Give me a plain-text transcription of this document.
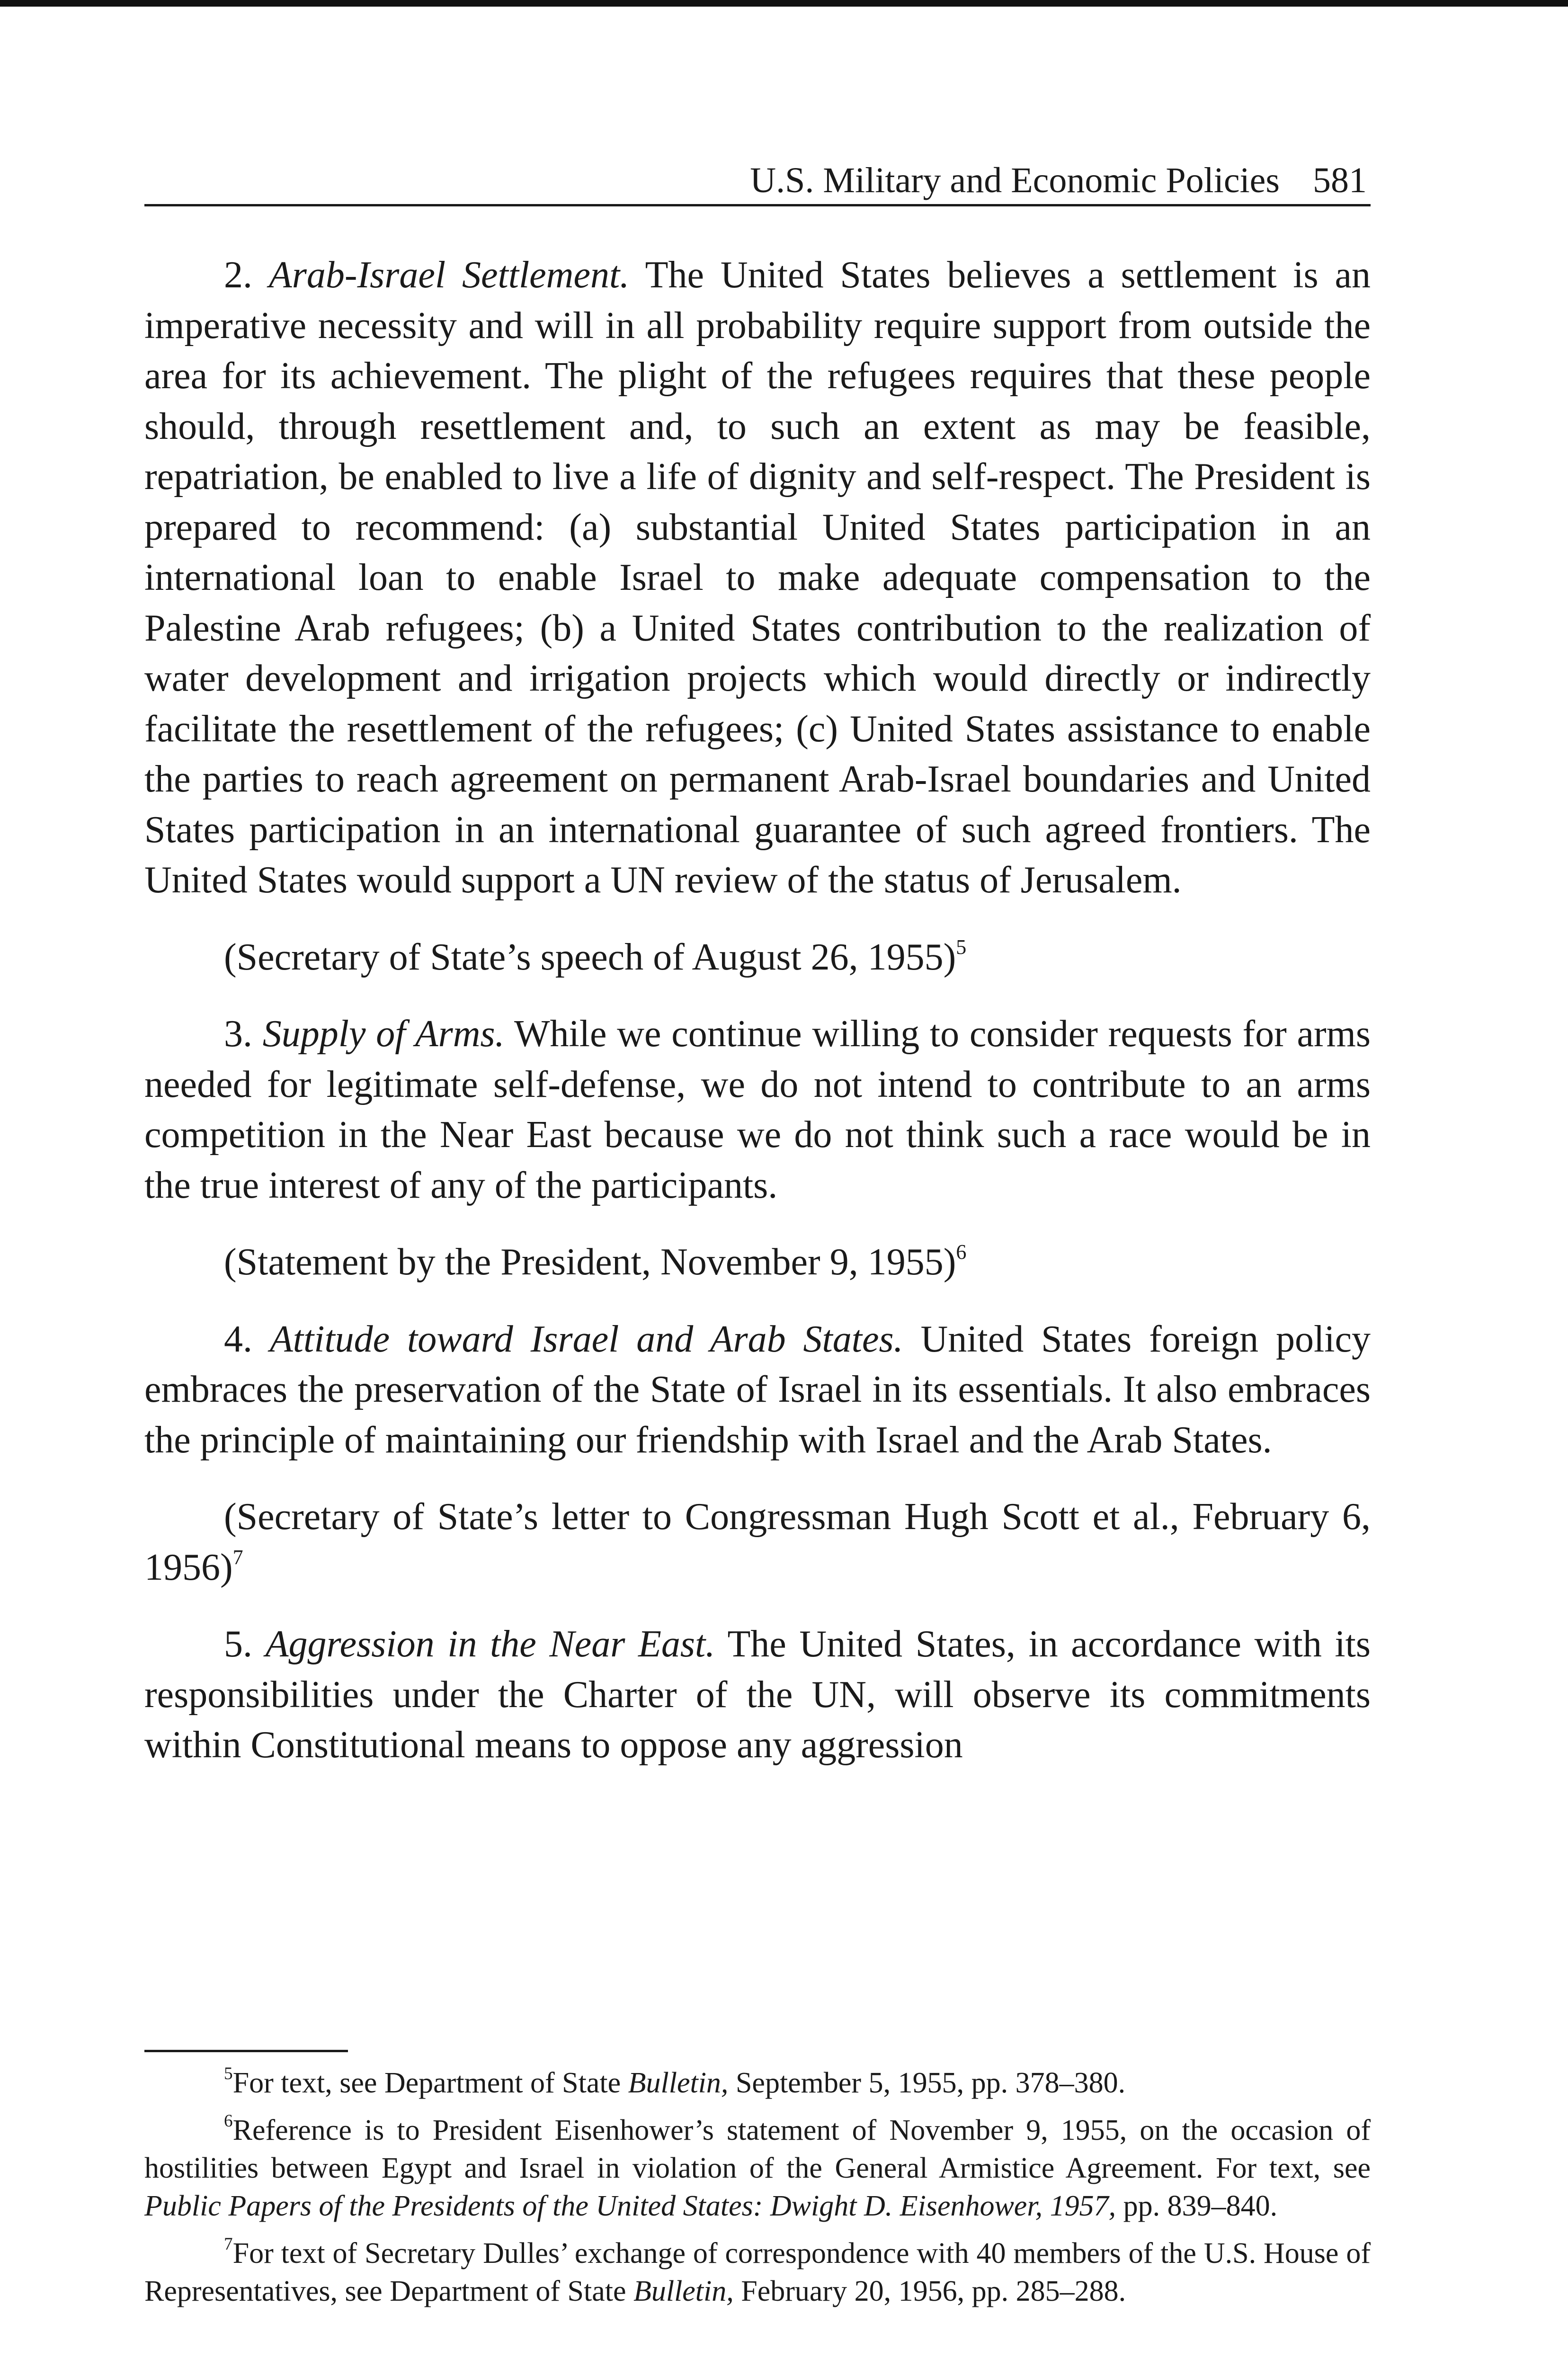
U.S. Military and Economic Policies 581

2. Arab-Israel Settlement. The United States believes a settlement is an imperative necessity and will in all probability require support from outside the area for its achievement. The plight of the refugees requires that these people should, through resettlement and, to such an extent as may be feasible, repatriation, be enabled to live a life of dignity and self-respect. The President is prepared to recommend: (a) substantial United States participation in an international loan to enable Israel to make adequate compensation to the Palestine Arab refugees; (b) a United States contribution to the realization of water development and irrigation projects which would directly or indirectly facilitate the resettlement of the refugees; (c) United States assistance to enable the parties to reach agreement on permanent Arab-Israel boundaries and United States participation in an international guarantee of such agreed frontiers. The United States would support a UN review of the status of Jerusalem.

(Secretary of State’s speech of August 26, 1955)$^5$

3. Supply of Arms. While we continue willing to consider requests for arms needed for legitimate self-defense, we do not intend to contribute to an arms competition in the Near East because we do not think such a race would be in the true interest of any of the participants.

(Statement by the President, November 9, 1955)$^6$

4. Attitude toward Israel and Arab States. United States foreign policy embraces the preservation of the State of Israel in its essentials. It also embraces the principle of maintaining our friendship with Israel and the Arab States.

(Secretary of State’s letter to Congressman Hugh Scott et al., February 6, 1956)$^7$

5. Aggression in the Near East. The United States, in accordance with its responsibilities under the Charter of the UN, will observe its commitments within Constitutional means to oppose any aggression

$^5$For text, see Department of State Bulletin, September 5, 1955, pp. 378–380.

$^6$Reference is to President Eisenhower’s statement of November 9, 1955, on the occasion of hostilities between Egypt and Israel in violation of the General Armistice Agreement. For text, see Public Papers of the Presidents of the United States: Dwight D. Eisenhower, 1957, pp. 839–840.

$^7$For text of Secretary Dulles’ exchange of correspondence with 40 members of the U.S. House of Representatives, see Department of State Bulletin, February 20, 1956, pp. 285–288.
